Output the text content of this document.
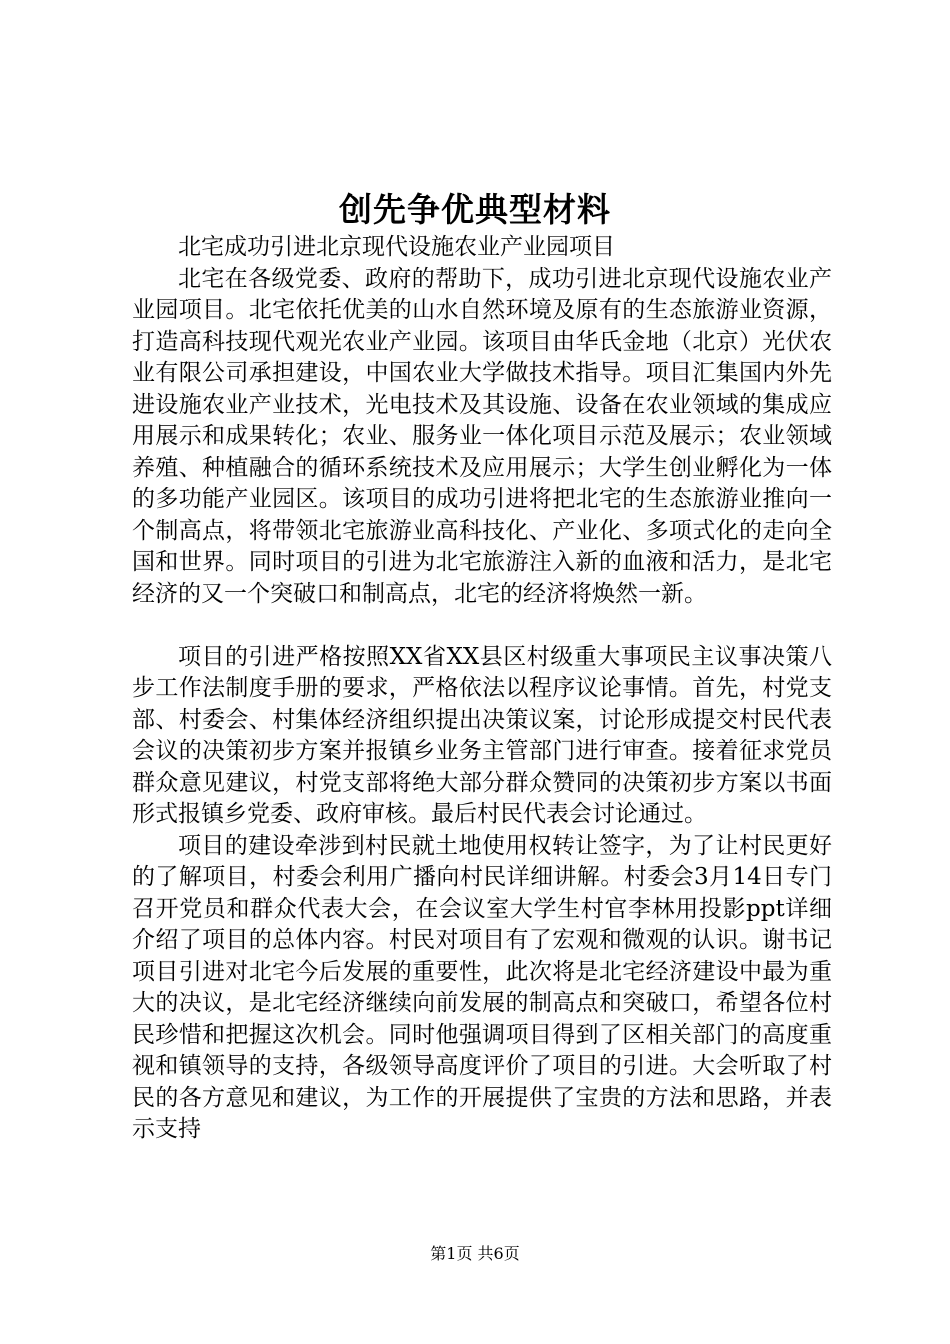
创先争优典型材料

北宅成功引进北京现代设施农业产业园项目

北宅在各级党委、政府的帮助下，成功引进北京现代设施农业产业园项目。北宅依托优美的山水自然环境及原有的生态旅游业资源，打造高科技现代观光农业产业园。该项目由华氏金地（北京）光伏农业有限公司承担建设，中国农业大学做技术指导。项目汇集国内外先进设施农业产业技术，光电技术及其设施、设备在农业领域的集成应用展示和成果转化；农业、服务业一体化项目示范及展示；农业领域养殖、种植融合的循环系统技术及应用展示；大学生创业孵化为一体的多功能产业园区。该项目的成功引进将把北宅的生态旅游业推向一个制高点，将带领北宅旅游业高科技化、产业化、多项式化的走向全国和世界。同时项目的引进为北宅旅游注入新的血液和活力，是北宅经济的又一个突破口和制高点，北宅的经济将焕然一新。

项目的引进严格按照XX省XX县区村级重大事项民主议事决策八步工作法制度手册的要求，严格依法以程序议论事情。首先，村党支部、村委会、村集体经济组织提出决策议案，讨论形成提交村民代表会议的决策初步方案并报镇乡业务主管部门进行审查。接着征求党员群众意见建议，村党支部将绝大部分群众赞同的决策初步方案以书面形式报镇乡党委、政府审核。最后村民代表会讨论通过。

项目的建设牵涉到村民就土地使用权转让签字，为了让村民更好的了解项目，村委会利用广播向村民详细讲解。村委会3月14日专门召开党员和群众代表大会，在会议室大学生村官李林用投影ppt详细介绍了项目的总体内容。村民对项目有了宏观和微观的认识。谢书记项目引进对北宅今后发展的重要性，此次将是北宅经济建设中最为重大的决议，是北宅经济继续向前发展的制高点和突破口，希望各位村民珍惜和把握这次机会。同时他强调项目得到了区相关部门的高度重视和镇领导的支持，各级领导高度评价了项目的引进。大会听取了村民的各方意见和建议，为工作的开展提供了宝贵的方法和思路，并表示支持

第1页 共6页
